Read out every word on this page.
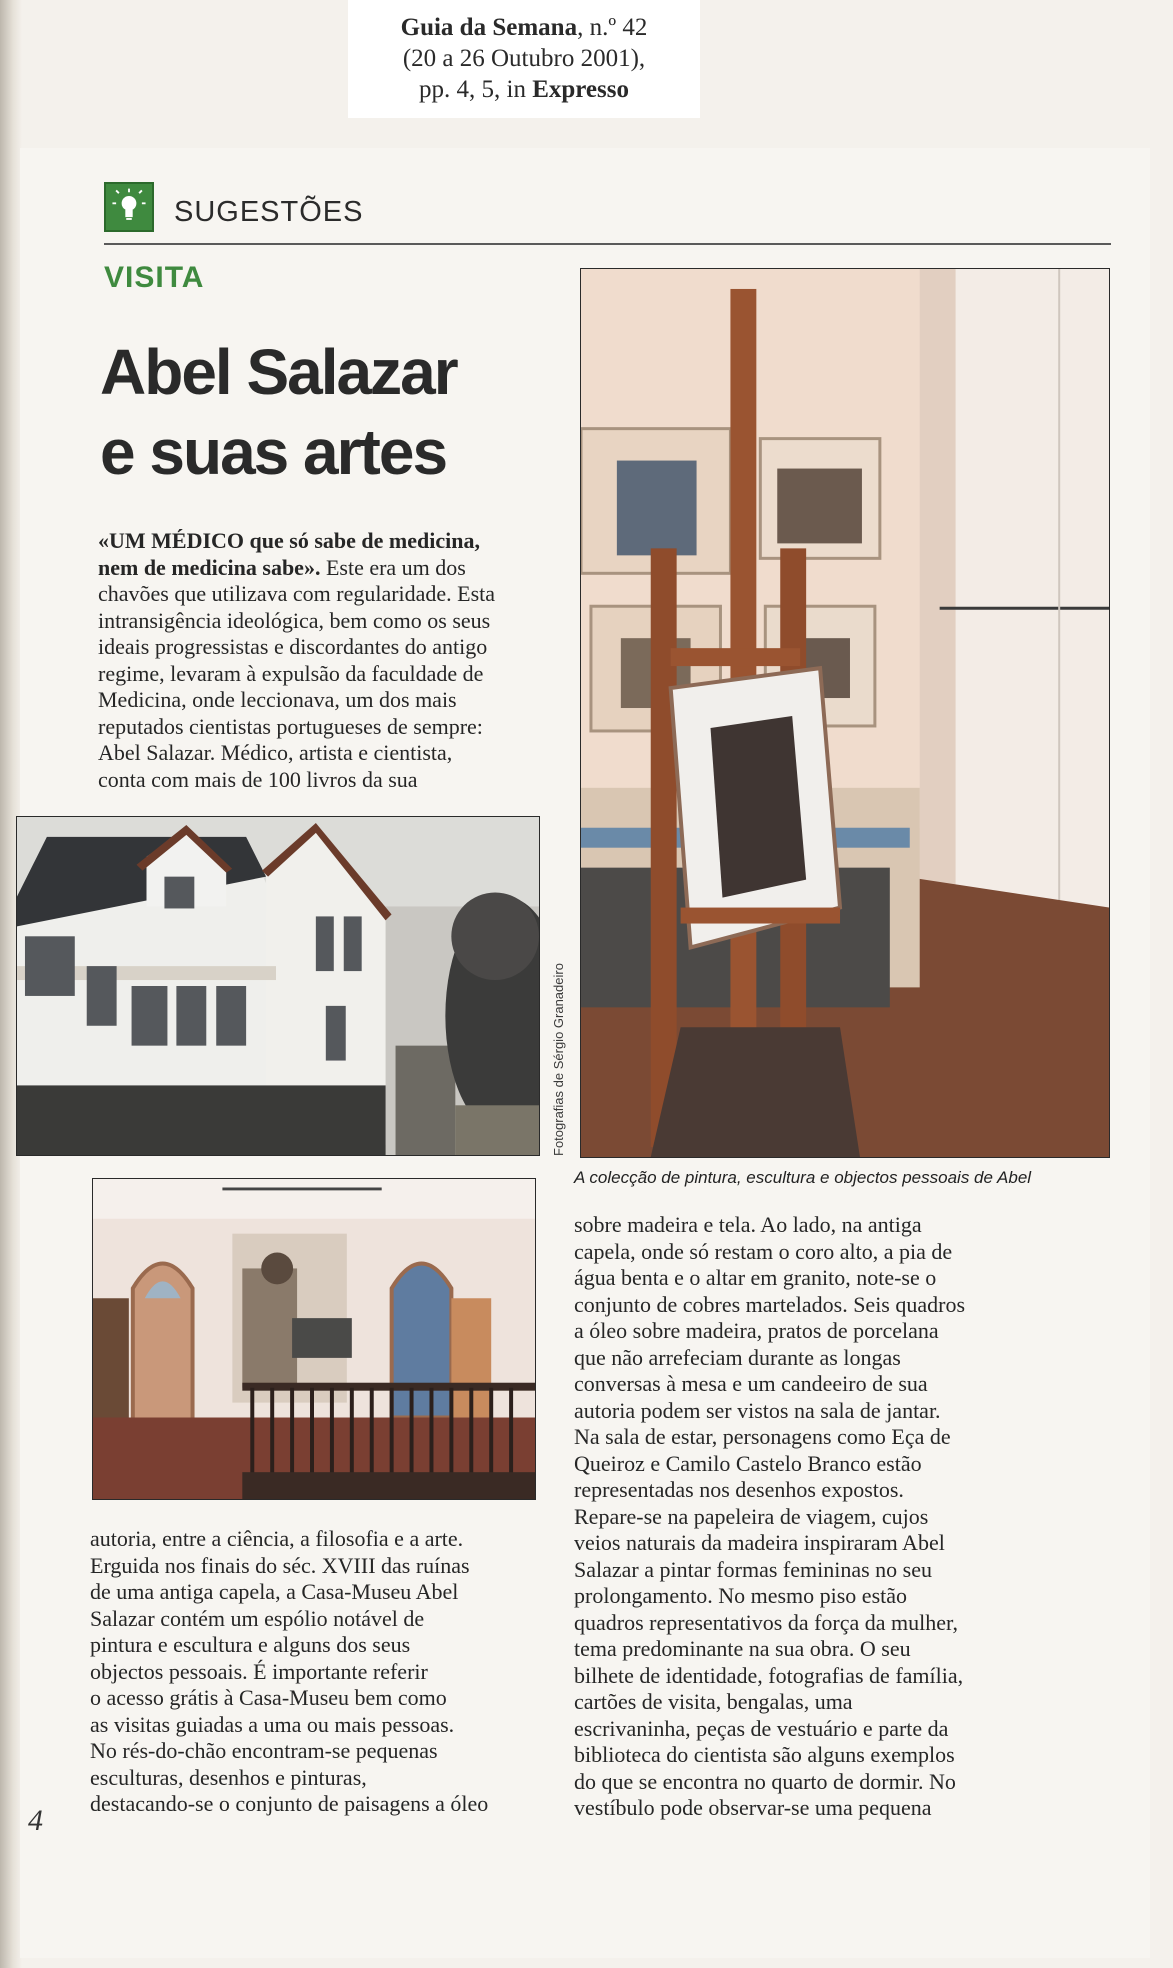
Guia da Semana, n.º 42
(20 a 26 Outubro 2001),
pp. 4, 5, in Expresso
SUGESTÕES
VISITA
Abel Salazar
e suas artes
«UM MÉDICO que só sabe de medicina,
nem de medicina sabe». Este era um dos
chavões que utilizava com regularidade. Esta
intransigência ideológica, bem como os seus
ideais progressistas e discordantes do antigo
regime, levaram à expulsão da faculdade de
Medicina, onde leccionava, um dos mais
reputados cientistas portugueses de sempre:
Abel Salazar. Médico, artista e cientista,
conta com mais de 100 livros da sua
Fotografias de Sérgio Granadeiro
A colecção de pintura, escultura e objectos pessoais de Abel
autoria, entre a ciência, a filosofia e a arte.
Erguida nos finais do séc. XVIII das ruínas
de uma antiga capela, a Casa-Museu Abel
Salazar contém um espólio notável de
pintura e escultura e alguns dos seus
objectos pessoais. É importante referir
o acesso grátis à Casa-Museu bem como
as visitas guiadas a uma ou mais pessoas.
No rés-do-chão encontram-se pequenas
esculturas, desenhos e pinturas,
destacando-se o conjunto de paisagens a óleo
sobre madeira e tela. Ao lado, na antiga
capela, onde só restam o coro alto, a pia de
água benta e o altar em granito, note-se o
conjunto de cobres martelados. Seis quadros
a óleo sobre madeira, pratos de porcelana
que não arrefeciam durante as longas
conversas à mesa e um candeeiro de sua
autoria podem ser vistos na sala de jantar.
Na sala de estar, personagens como Eça de
Queiroz e Camilo Castelo Branco estão
representadas nos desenhos expostos.
Repare-se na papeleira de viagem, cujos
veios naturais da madeira inspiraram Abel
Salazar a pintar formas femininas no seu
prolongamento. No mesmo piso estão
quadros representativos da força da mulher,
tema predominante na sua obra. O seu
bilhete de identidade, fotografias de família,
cartões de visita, bengalas, uma
escrivaninha, peças de vestuário e parte da
biblioteca do cientista são alguns exemplos
do que se encontra no quarto de dormir. No
vestíbulo pode observar-se uma pequena
4
